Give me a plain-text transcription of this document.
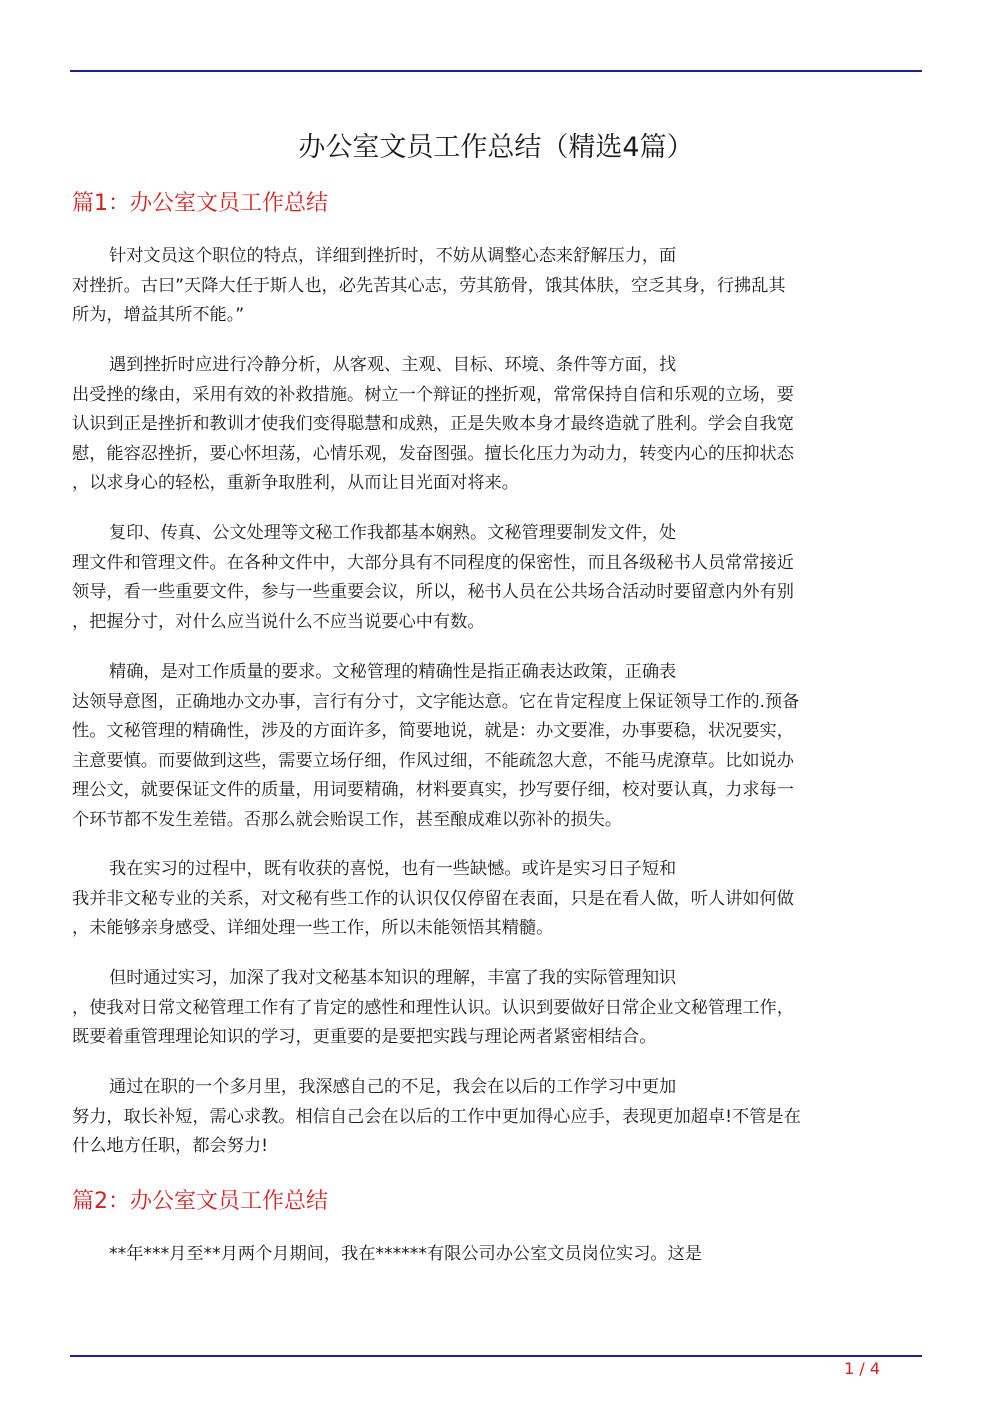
办公室文员工作总结（精选4篇）
篇1：办公室文员工作总结
针对文员这个职位的特点，详细到挫折时，不妨从调整心态来舒解压力，面
对挫折。古曰”天降大任于斯人也，必先苦其心志，劳其筋骨，饿其体肤，空乏其身，行拂乱其
所为，增益其所不能。”
遇到挫折时应进行冷静分析，从客观、主观、目标、环境、条件等方面，找
出受挫的缘由，采用有效的补救措施。树立一个辩证的挫折观，常常保持自信和乐观的立场，要
认识到正是挫折和教训才使我们变得聪慧和成熟，正是失败本身才最终造就了胜利。学会自我宽
慰，能容忍挫折，要心怀坦荡，心情乐观，发奋图强。擅长化压力为动力，转变内心的压抑状态
，以求身心的轻松，重新争取胜利，从而让目光面对将来。
复印、传真、公文处理等文秘工作我都基本娴熟。文秘管理要制发文件，处
理文件和管理文件。在各种文件中，大部分具有不同程度的保密性，而且各级秘书人员常常接近
领导，看一些重要文件，参与一些重要会议，所以，秘书人员在公共场合活动时要留意内外有别
，把握分寸，对什么应当说什么不应当说要心中有数。
精确，是对工作质量的要求。文秘管理的精确性是指正确表达政策，正确表
达领导意图，正确地办文办事，言行有分寸，文字能达意。它在肯定程度上保证领导工作的.预备
性。文秘管理的精确性，涉及的方面许多，简要地说，就是：办文要准，办事要稳，状况要实，
主意要慎。而要做到这些，需要立场仔细，作风过细，不能疏忽大意，不能马虎潦草。比如说办
理公文，就要保证文件的质量，用词要精确，材料要真实，抄写要仔细，校对要认真，力求每一
个环节都不发生差错。否那么就会贻误工作，甚至酿成难以弥补的损失。
我在实习的过程中，既有收获的喜悦，也有一些缺憾。或许是实习日子短和
我并非文秘专业的关系，对文秘有些工作的认识仅仅停留在表面，只是在看人做，听人讲如何做
，未能够亲身感受、详细处理一些工作，所以未能领悟其精髓。
但时通过实习，加深了我对文秘基本知识的理解，丰富了我的实际管理知识
，使我对日常文秘管理工作有了肯定的感性和理性认识。认识到要做好日常企业文秘管理工作，
既要着重管理理论知识的学习，更重要的是要把实践与理论两者紧密相结合。
通过在职的一个多月里，我深感自己的不足，我会在以后的工作学习中更加
努力，取长补短，需心求教。相信自己会在以后的工作中更加得心应手，表现更加超卓!不管是在
什么地方任职，都会努力!
篇2：办公室文员工作总结
**年***月至**月两个月期间，我在******有限公司办公室文员岗位实习。这是
1 / 4
